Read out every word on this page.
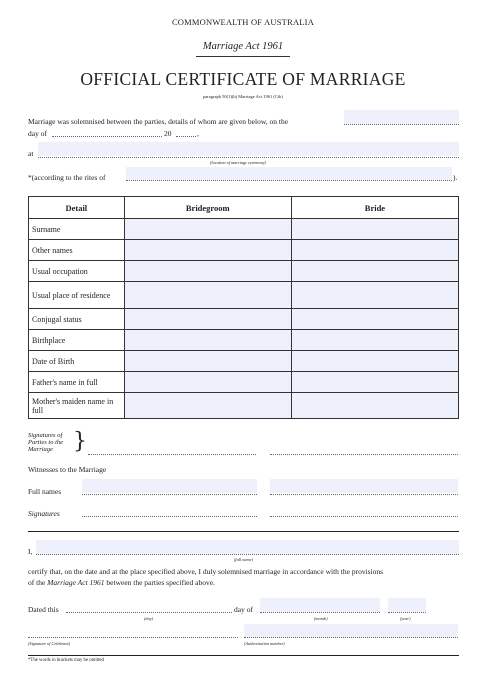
COMMONWEALTH OF AUSTRALIA
Marriage Act 1961
OFFICIAL CERTIFICATE OF MARRIAGE
paragraph 50(1)(b) Marriage Act 1961 (Cth)
Marriage was solemnised between the parties, details of whom are given below, on the
day of	20	,
at
(location of marriage ceremony)
*(according to the rites of	).
Detail	Bridegroom	Bride
Surname		
Other names		
Usual occupation		
Usual place of residence		
Conjugal status		
Birthplace		
Date of Birth		
Father's name in full		
Mother's maiden name in full		
Signatures of Parties to the Marriage }
Witnesses to the Marriage
Full names
Signatures
I,
(full name)
certify that, on the date and at the place specified above, I duly solemnised marriage in accordance with the provisions
of the Marriage Act 1961 between the parties specified above.
Dated this
(day)
day of
(month)	(year)
(Signature of Celebrant)	(Authorisation number)
*The words in brackets may be omitted
